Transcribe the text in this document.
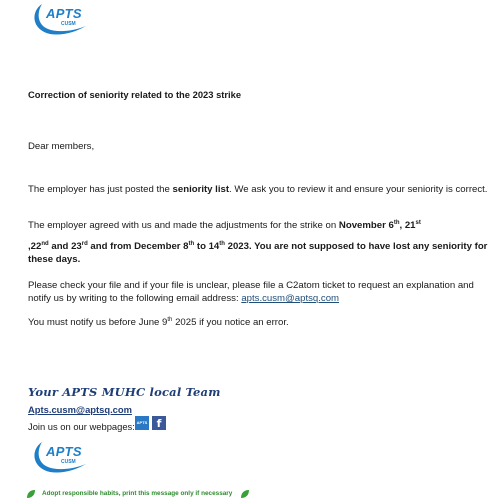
APTS
CUSM
Correction of seniority related to the 2023 strike
Dear members,
The employer has just posted the seniority list. We ask you to review it and ensure your seniority is correct.
The employer agreed with us and made the adjustments for the strike on November 6th, 21st
,22nd and 23rd and from December 8th to 14th 2023. You are not supposed to have lost any seniority for these days.
Please check your file and if your file is unclear, please file a C2atom ticket to request an explanation and notify us by writing to the following email address: apts.cusm@aptsq.com
You must notify us before June 9th 2025 if you notice an error.
Your APTS MUHC local Team
Apts.cusm@aptsq.com
Join us on our webpages: APTS f
APTS
CUSM
Adopt responsible habits, print this message only if necessary
